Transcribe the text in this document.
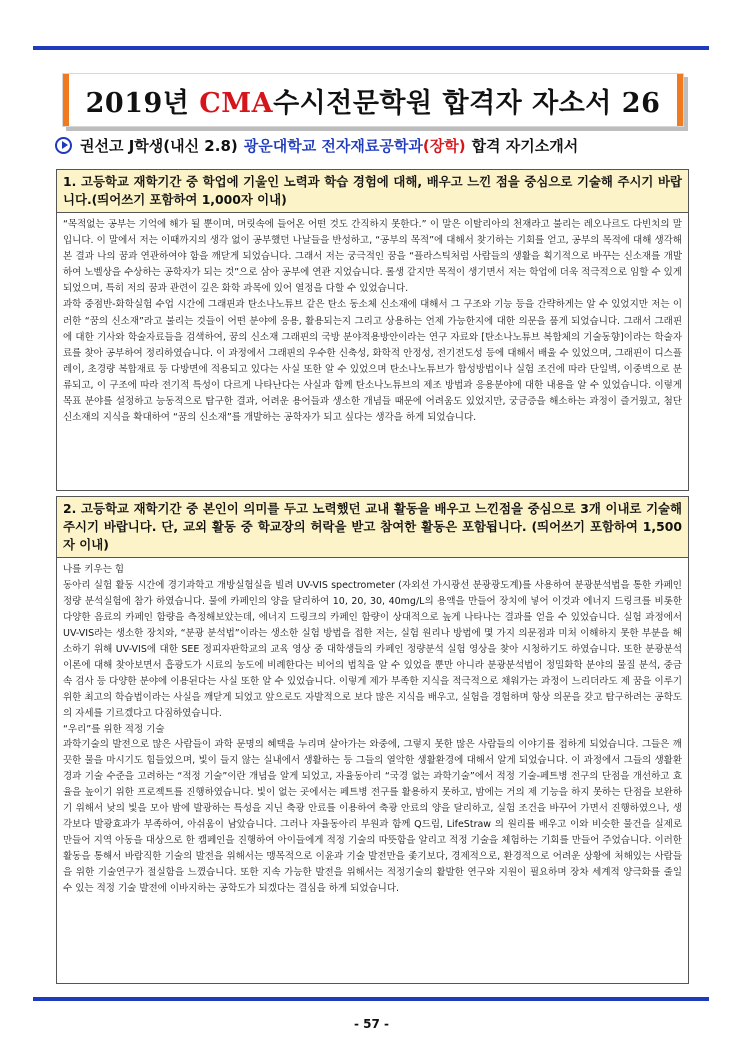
2019년 CMA수시전문학원 합격자 자소서 26
권선고 J학생(내신 2.8) 광운대학교 전자재료공학과 (장학) 합격 자기소개서
1. 고등학교 재학기간 중 학업에 기울인 노력과 학습 경험에 대해, 배우고 느낀 점을 중심으로 기술해 주시기 바랍니다.(띄어쓰기 포함하여 1,000자 이내)

“목적없는 공부는 기억에 해가 될 뿐이며, 머릿속에 들어온 어떤 것도 간직하지 못한다.” 이 말은 이탈리아의 천재라고 불리는 레오나르도 다빈치의 말입니다. 이 말에서 저는 이때까지의 생각 없이 공부했던 나날들을 반성하고, “공부의 목적”에 대해서 찾기하는 기회를 얻고, 공부의 목적에 대해 생각해본 결과 나의 꿈과 연관하여야 함을 깨닫게 되었습니다. 그래서 저는 궁극적인 꿈을 “플라스틱처럼 사람들의 생활을 획기적으로 바꾸는 신소재를 개발하여 노벨상을 수상하는 공학자가 되는 것”으로 삼아 공부에 연관 지었습니다. 롤생 같지만 목적이 생기면서 저는 학업에 더욱 적극적으로 임할 수 있게 되었으며, 특히 저의 꿈과 관련이 깊은 화학 과목에 있어 열정을 다할 수 있었습니다.

과학 중점반-화학실험 수업 시간에 그래핀과 탄소나노튜브 같은 탄소 동소체 신소재에 대해서 그 구조와 기능 등을 간략하게는 알 수 있었지만 저는 이러한 “꿈의 신소재”라고 불리는 것들이 어떤 분야에 응용, 활용되는지 그리고 상용하는 언제 가능한지에 대한 의문을 품게 되었습니다. 그래서 그래핀에 대한 기사와 학술자료들을 검색하여, 꿈의 신소재 그래핀의 국방 분야적용방안이라는 연구 자료와 [탄소나노튜브 복합체의 기술동향]이라는 학술자료를 찾아 공부하여 정리하였습니다. 이 과정에서 그래핀의 우수한 신축성, 화학적 안정성, 전기전도성 등에 대해서 배울 수 있었으며, 그래핀이 디스플레이, 초경량 복합재료 등 다방면에 적용되고 있다는 사실 또한 알 수 있었으며 탄소나노튜브가 합성방법이나 실험 조건에 따라 단일벽, 이중벽으로 분류되고, 이 구조에 따라 전기적 특성이 다르게 나타난다는 사실과 함께 탄소나노튜브의 제조 방법과 응용분야에 대한 내용을 알 수 있었습니다. 이렇게 목표 분야를 설정하고 능동적으로 탐구한 결과, 어려운 용어들과 생소한 개념들 때문에 어려움도 있었지만, 궁금증을 해소하는 과정이 즐거웠고, 첨단 신소재의 지식을 확대하여 “꿈의 신소재”를 개발하는 공학자가 되고 싶다는 생각을 하게 되었습니다.

2. 고등학교 재학기간 중 본인이 의미를 두고 노력했던 교내 활동을 배우고 느낀점을 중심으로 3개 이내로 기술해 주시기 바랍니다. 단, 교외 활동 중 학교장의 허락을 받고 참여한 활동은 포함됩니다. (띄어쓰기 포함하여 1,500자 이내)

나를 키우는 힘

동아리 실험 활동 시간에 경기과학고 개방실험실을 빌려 UV-VIS spectrometer (자외선 가시광선 분광광도계)를 사용하여 분광분석법을 통한 카페인 정량 분석실험에 참가 하였습니다. 물에 카페인의 양을 달리하여 10, 20, 30, 40mg/L의 용액을 만들어 장치에 넣어 이것과 에너지 드링크를 비롯한 다양한 음료의 카페인 함량을 측정해보았는데, 에너지 드링크의 카페인 함량이 상대적으로 높게 나타나는 결과를 얻을 수 있었습니다. 실험 과정에서 UV-VIS라는 생소한 장치와, “분광 분석법”이라는 생소한 실험 방법을 접한 저는, 실험 원리나 방법에 몇 가지 의문점과 미처 이해하지 못한 부분을 해소하기 위해 UV-VIS에 대한 SEE 정피자판학교의 교육 영상 중 대학생들의 카페인 정량분석 실험 영상을 찾아 시청하기도 하였습니다. 또한 분광분석 이론에 대해 찾아보면서 흡광도가 시료의 농도에 비례한다는 비어의 법칙을 알 수 있었을 뿐만 아니라 분광분석법이 정밀화학 분야의 물질 분석, 중금속 검사 등 다양한 분야에 이용된다는 사실 또한 알 수 있었습니다. 이렇게 제가 부족한 지식을 적극적으로 채워가는 과정이 느리더라도 제 꿈을 이루기 위한 최고의 학습법이라는 사실을 깨닫게 되었고 앞으로도 자발적으로 보다 많은 지식을 배우고, 실험을 경험하며 항상 의문을 갖고 탐구하려는 공학도의 자세를 기르겠다고 다짐하였습니다.

“우리”를 위한 적정 기술

과학기술의 발전으로 많은 사람들이 과학 문명의 혜택을 누리며 살아가는 와중에, 그렇지 못한 많은 사람들의 이야기를 접하게 되었습니다. 그들은 깨끗한 물을 마시기도 힘들었으며, 빛이 들지 않는 실내에서 생활하는 등 그들의 열악한 생활환경에 대해서 알게 되었습니다. 이 과정에서 그들의 생활환경과 기술 수준을 고려하는 “적정 기술”이란 개념을 알게 되었고, 자율동아리 “국경 없는 과학기술”에서 적정 기술-페트병 전구의 단점을 개선하고 효율을 높이기 위한 프로젝트를 진행하였습니다. 빛이 없는 곳에서는 페트병 전구를 활용하지 못하고, 밤에는 거의 제 기능을 하지 못하는 단점을 보완하기 위해서 낮의 빛을 모아 밤에 발광하는 특성을 지닌 축광 안료를 이용하여 축광 안료의 양을 달리하고, 실험 조건을 바꾸어 가면서 진행하였으나, 생각보다 발광효과가 부족하여, 아쉬움이 남았습니다. 그러나 자율동아리 부원과 함께 Q드림, LifeStraw 의 원리를 배우고 이와 비슷한 물건을 실제로 만들어 지역 아동을 대상으로 한 캠페인을 진행하여 아이들에게 적정 기술의 따뜻함을 알리고 적정 기술을 체험하는 기회를 만들어 주었습니다. 이러한 활동을 통해서 바람직한 기술의 발전을 위해서는 맹목적으로 이윤과 기술 발전만을 좇기보다, 경제적으로, 환경적으로 어려운 상황에 처해있는 사람들을 위한 기술연구가 절실함을 느꼈습니다. 또한 지속 가능한 발전을 위해서는 적정기술의 활발한 연구와 지원이 필요하며 장차 세계적 양극화를 줄일 수 있는 적정 기술 발전에 이바지하는 공학도가 되겠다는 결심을 하게 되었습니다.

- 57 -
